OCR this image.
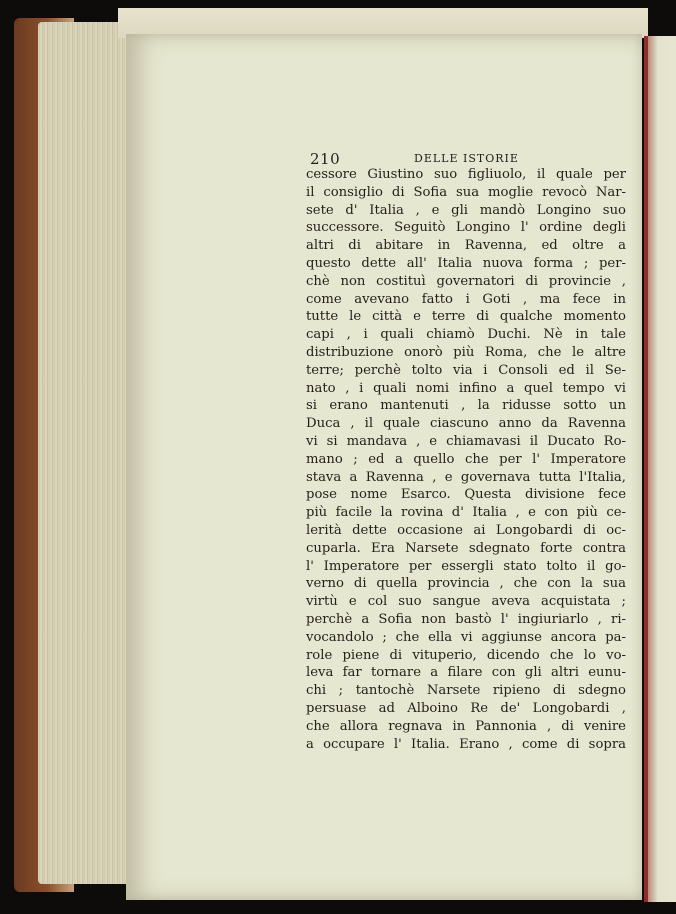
210	DELLE ISTORIE
cessore Giustino suo figliuolo, il quale per
il consiglio di Sofia sua moglie revocò Nar-
sete d' Italia , e gli mandò Longino suo
successore. Seguitò Longino l' ordine degli
altri di abitare in Ravenna, ed oltre a
questo dette all' Italia nuova forma ; per-
chè non costituì governatori di provincie ,
come avevano fatto i Goti , ma fece in
tutte le città e terre di qualche momento
capi , i quali chiamò Duchi. Nè in tale
distribuzione onorò più Roma, che le altre
terre; perchè tolto via i Consoli ed il Se-
nato , i quali nomi infino a quel tempo vi
si erano mantenuti , la ridusse sotto un
Duca , il quale ciascuno anno da Ravenna
vi si mandava , e chiamavasi il Ducato Ro-
mano ; ed a quello che per l' Imperatore
stava a Ravenna , e governava tutta l'Italia,
pose nome Esarco. Questa divisione fece
più facile la rovina d' Italia , e con più ce-
lerità dette occasione ai Longobardi di oc-
cuparla. Era Narsete sdegnato forte contra
l' Imperatore per essergli stato tolto il go-
verno di quella provincia , che con la sua
virtù e col suo sangue aveva acquistata ;
perchè a Sofia non bastò l' ingiuriarlo , ri-
vocandolo ; che ella vi aggiunse ancora pa-
role piene di vituperio, dicendo che lo vo-
leva far tornare a filare con gli altri eunu-
chi ; tantochè Narsete ripieno di sdegno
persuase ad Alboino Re de' Longobardi ,
che allora regnava in Pannonia , di venire
a occupare l' Italia. Erano , come di sopra
